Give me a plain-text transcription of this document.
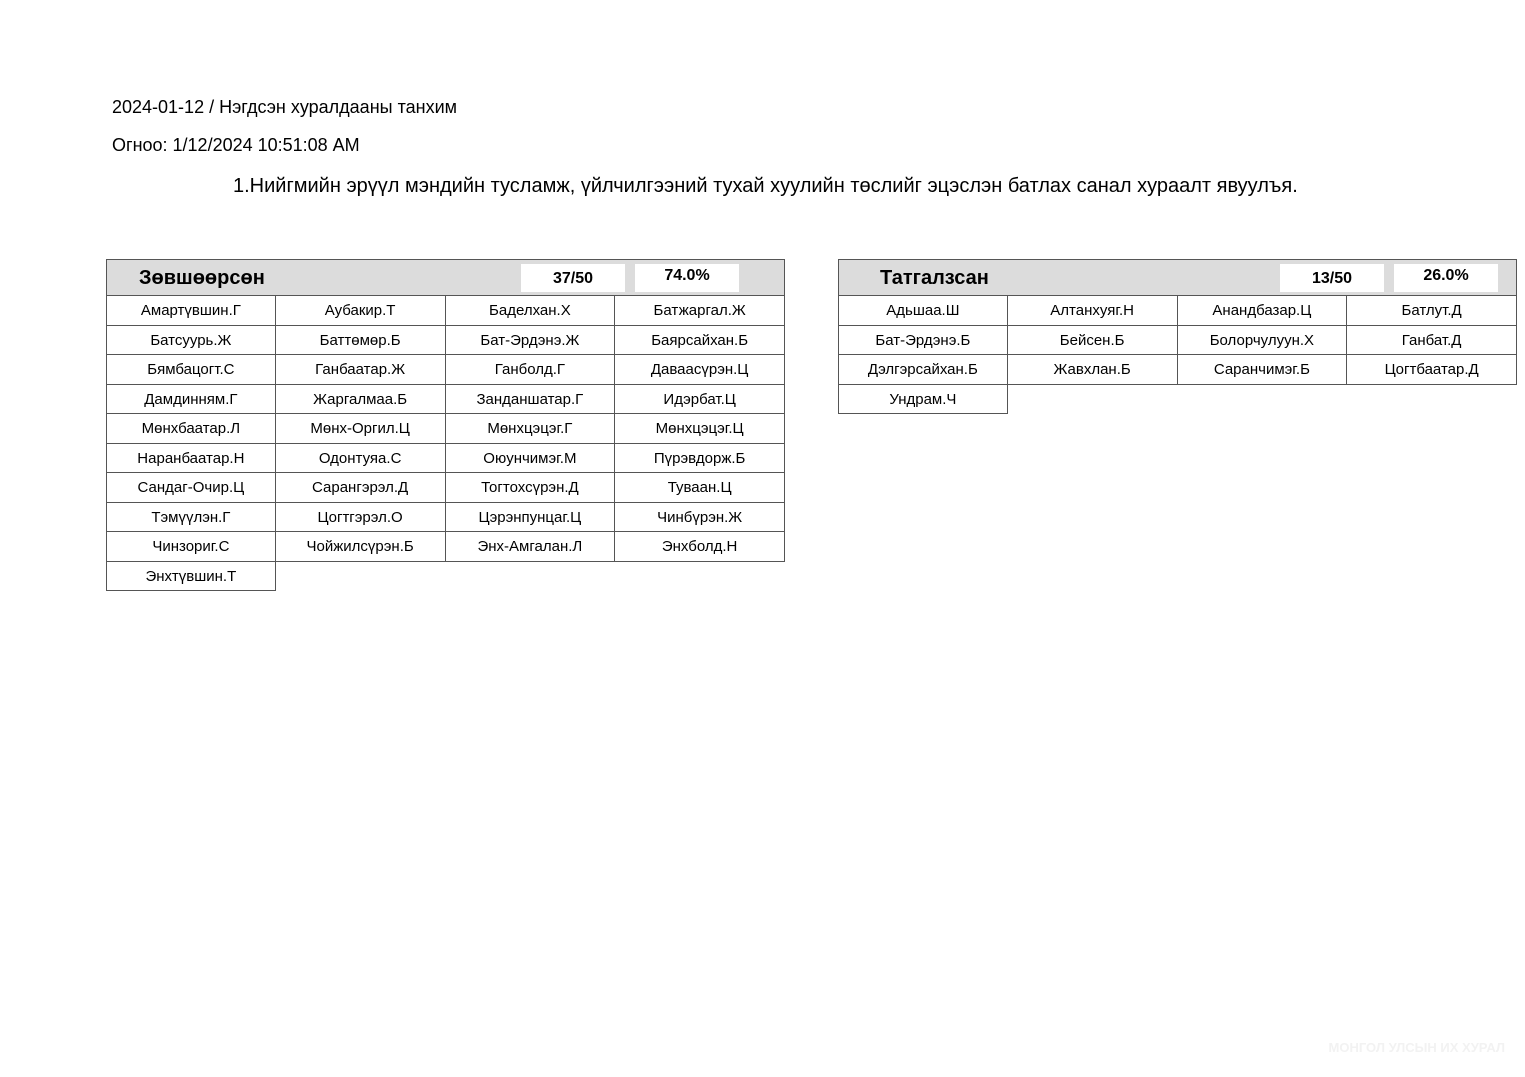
2024-01-12 / Нэгдсэн хуралдааны танхим
Огноо: 1/12/2024 10:51:08 AM
1.Нийгмийн эрүүл мэндийн тусламж, үйлчилгээний тухай хуулийн төслийг эцэслэн батлах санал хураалт явуулъя.
Зөвшөөрсөн	37/50	74.0%
Амартүвшин.Г	Аубакир.Т	Баделхан.Х	Батжаргал.Ж
Батсуурь.Ж	Баттөмөр.Б	Бат-Эрдэнэ.Ж	Баярсайхан.Б
Бямбацогт.С	Ганбаатар.Ж	Ганболд.Г	Даваасүрэн.Ц
Дамдинням.Г	Жаргалмаа.Б	Занданшатар.Г	Идэрбат.Ц
Мөнхбаатар.Л	Мөнх-Оргил.Ц	Мөнхцэцэг.Г	Мөнхцэцэг.Ц
Наранбаатар.Н	Одонтуяа.С	Оюунчимэг.М	Пүрэвдорж.Б
Сандаг-Очир.Ц	Сарангэрэл.Д	Тогтохсүрэн.Д	Туваан.Ц
Тэмүүлэн.Г	Цогтгэрэл.О	Цэрэнпунцаг.Ц	Чинбүрэн.Ж
Чинзориг.С	Чойжилсүрэн.Б	Энх-Амгалан.Л	Энхболд.Н
Энхтүвшин.Т
Татгалзсан	13/50	26.0%
Адьшаа.Ш	Алтанхуяг.Н	Анандбазар.Ц	Батлут.Д
Бат-Эрдэнэ.Б	Бейсен.Б	Болорчулуун.Х	Ганбат.Д
Дэлгэрсайхан.Б	Жавхлан.Б	Саранчимэг.Б	Цогтбаатар.Д
Ундрам.Ч
МОНГОЛ УЛСЫН ИХ ХУРАЛ
